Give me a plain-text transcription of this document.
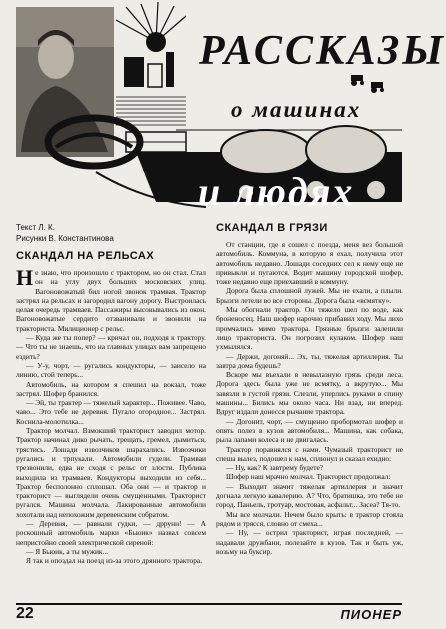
РАССКАЗЫ
о машинах
и людях
Текст Л. К.
Рисунки В. Константинова
СКАНДАЛ НА РЕЛЬСАХ
СКАНДАЛ В ГРЯЗИ

Не знаю, что произошло с трактором, но он стал. Стал он на углу двух больших московских улиц. Вагоновожатый бил ногой звонок трамвая. Трактор застрял на рельсах и загородил вагону дорогу. Выстроилась целая очередь трамваев. Пассажиры высовывались из окон. Вагоновожатые сердито отзванивали и звонили на тракториста. Милиционер с рельс.

— Куда же ты попер? — кричал он, подходя к трактору. — Что ты не знаешь, что на главных улицах вам запрещено ездить?

— У-у, чорт, — ругались кондукторы, — заисело на линию, стой теперь...

Автомобиль, на котором я спешил на вокзал, тоже застрял. Шофер бранился.

— Эй, ты трактер — тяжелый характер... Поживее. Чаво, чаво... Это тебе не деревня. Пугало огородное... Застрял. Коснила-молотилка...

Трактор молчал. Взмокший тракторист заводил мотор. Трактор начинал дико рычать, трещать, гремел, дымиться, трястись. Лошади извозчиков шарахались. Извозчики ругались и трпукали. Автомобили гудели. Трамваи трезвонили, едва не сходя с рельс от злости. Публика выходила из трамваев. Кондукторы выходили из себя... Трактор бесполонно сплошал. Оба они — и трактор и тракторист — выглядели очень смущенными. Тракторист ругался. Машина молчала. Лакированные автомобили хохотали над непохожим деревенским собратом.

— Деревня, — равнали гудки, — дррунн! — А роскошный автомобиль марки «Бьюик» назвал совсем непристойно своей электрической сиреной:

— Я Бьюик, а ты мужик...

Я так и опоздал на поезд из-за этого дрянного трактора.

От станции, где я сошел с поезда, меня вез большой автомобиль. Коммуна, в которую я ехал, получила этот автомобиль недавно. Лошади соседних сел к нему еще не привыкли и пугаются. Водит машину городской шофер, тоже недавно еще приехавший в коммуну.

Дорога была сплошной лужей. Мы не ехали, а плыли. Брызги летели во все стороны. Дорога была «всмятку».

Мы обогнали трактор. Он тяжело шел по воде, как броненосец. Наш шофер нарочно прибавил ходу. Мы лихо промчались мимо трактора. Грязные брызги залепили лицо тракториста. Он погрозил кулаком. Шофер наш ухмылялся.

— Держи, догоняй... Эх, ты, тяжелая артиллерия. Ты завтра дома будешь?

Вскоре мы въехали в невылазную грязь среди леса. Дорога здесь была уже не всмятку, а вкрутую... Мы завязли в густой грязи. Слезли, уперлись руками в спину машины... Бились мы около часа. Ни взад, ни вперед. Вдруг издали донесся рычание трактора.

— Догонит, чорт, — смущенно пробормотал шофер и опять полез в кузов автомобиля... Машина, как собака, рыла лапами колеса и не двигалась.

Трактор поравнялся с нами. Чумазый тракторист не спеша вылез, подошел к нам, сплюнул и сказал ехидно:

— Ну, как? К завтрему будете?

Шофер наш мрачно молчал. Тракторист продолжал:

— Выходит значит тяжелая артиллерия и значит догнала легкую кавалерию. А? Что, братишка, это тебе не город. Паньель, тротуар, мостовая, асфальт... Засеа? Тя-то.

Мы все молчали. Нечем было крыть: в трактор стояла рядом и трясся, словно от смеха...

— Ну, — острил тракторист, играя последней, — надавали дружбани, полезайте в кузов. Так и быть уж, возьму на буксир.

22	ПИОНЕР
